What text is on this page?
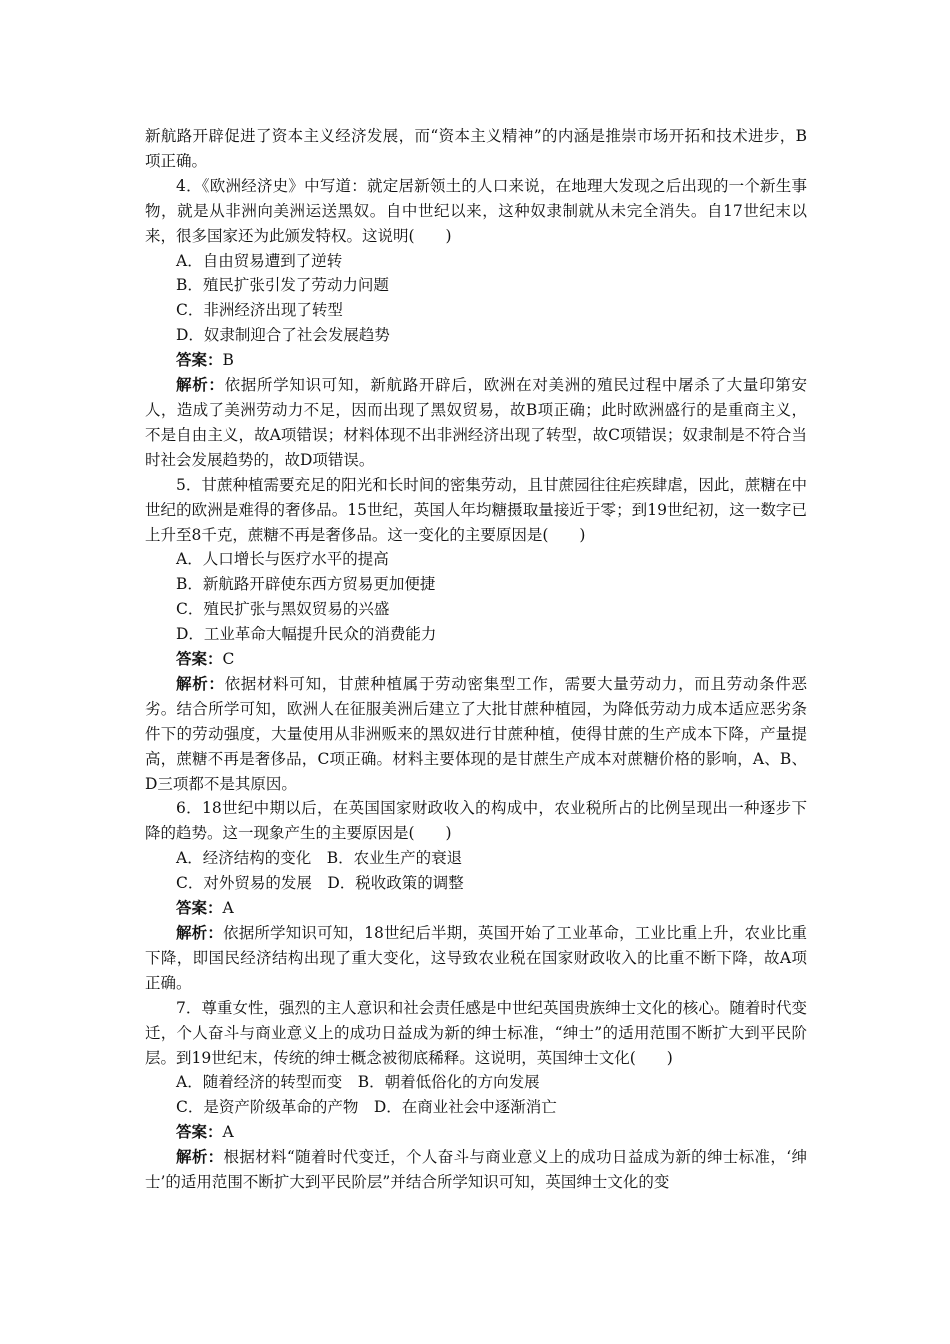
新航路开辟促进了资本主义经济发展，而“资本主义精神”的内涵是推崇市场开拓和技术进步，B项正确。

4．《欧洲经济史》中写道：就定居新领土的人口来说，在地理大发现之后出现的一个新生事物，就是从非洲向美洲运送黑奴。自中世纪以来，这种奴隶制就从未完全消失。自17世纪末以来，很多国家还为此颁发特权。这说明(　　)

A．自由贸易遭到了逆转

B．殖民扩张引发了劳动力问题

C．非洲经济出现了转型

D．奴隶制迎合了社会发展趋势

答案：B

解析：依据所学知识可知，新航路开辟后，欧洲在对美洲的殖民过程中屠杀了大量印第安人，造成了美洲劳动力不足，因而出现了黑奴贸易，故B项正确；此时欧洲盛行的是重商主义，不是自由主义，故A项错误；材料体现不出非洲经济出现了转型，故C项错误；奴隶制是不符合当时社会发展趋势的，故D项错误。

5．甘蔗种植需要充足的阳光和长时间的密集劳动，且甘蔗园往往疟疾肆虐，因此，蔗糖在中世纪的欧洲是难得的奢侈品。15世纪，英国人年均糖摄取量接近于零；到19世纪初，这一数字已上升至8千克，蔗糖不再是奢侈品。这一变化的主要原因是(　　)

A．人口增长与医疗水平的提高

B．新航路开辟使东西方贸易更加便捷

C．殖民扩张与黑奴贸易的兴盛

D．工业革命大幅提升民众的消费能力

答案：C

解析：依据材料可知，甘蔗种植属于劳动密集型工作，需要大量劳动力，而且劳动条件恶劣。结合所学可知，欧洲人在征服美洲后建立了大批甘蔗种植园，为降低劳动力成本适应恶劣条件下的劳动强度，大量使用从非洲贩来的黑奴进行甘蔗种植，使得甘蔗的生产成本下降，产量提高，蔗糖不再是奢侈品，C项正确。材料主要体现的是甘蔗生产成本对蔗糖价格的影响，A、B、D三项都不是其原因。

6．18世纪中期以后，在英国国家财政收入的构成中，农业税所占的比例呈现出一种逐步下降的趋势。这一现象产生的主要原因是(　　)

A．经济结构的变化　B．农业生产的衰退

C．对外贸易的发展　D．税收政策的调整

答案：A

解析：依据所学知识可知，18世纪后半期，英国开始了工业革命，工业比重上升，农业比重下降，即国民经济结构出现了重大变化，这导致农业税在国家财政收入的比重不断下降，故A项正确。

7．尊重女性，强烈的主人意识和社会责任感是中世纪英国贵族绅士文化的核心。随着时代变迁，个人奋斗与商业意义上的成功日益成为新的绅士标准，“绅士”的适用范围不断扩大到平民阶层。到19世纪末，传统的绅士概念被彻底稀释。这说明，英国绅士文化(　　)

A．随着经济的转型而变　B．朝着低俗化的方向发展

C．是资产阶级革命的产物　D．在商业社会中逐渐消亡

答案：A

解析：根据材料“随着时代变迁，个人奋斗与商业意义上的成功日益成为新的绅士标准，‘绅士’的适用范围不断扩大到平民阶层”并结合所学知识可知，英国绅士文化的变
